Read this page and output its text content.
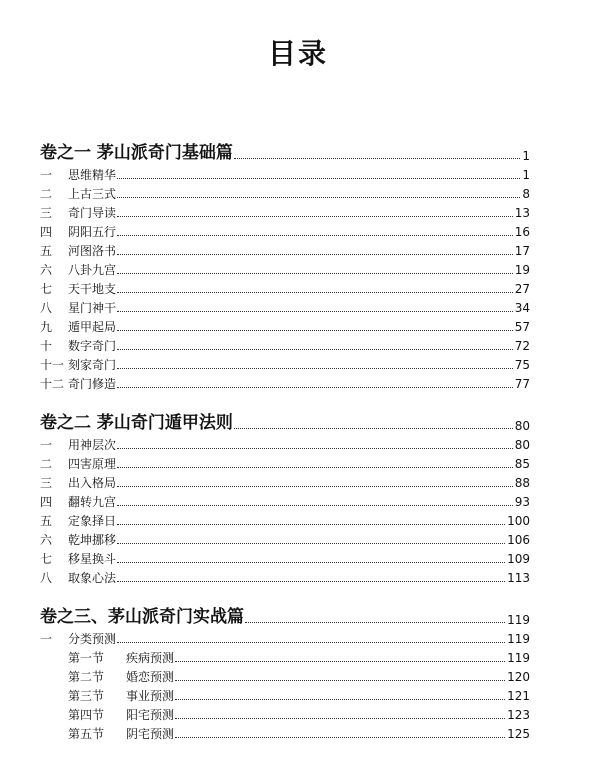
目录
卷之一 茅山派奇门基础篇	1
一	思维精华	1
二	上古三式	8
三	奇门导读	13
四	阴阳五行	16
五	河图洛书	17
六	八卦九宫	19
七	天干地支	27
八	星门神干	34
九	遁甲起局	57
十	数字奇门	72
十一 刻家奇门	75
十二 奇门修造	77
卷之二 茅山奇门遁甲法则	80
一	用神层次	80
二	四害原理	85
三	出入格局	88
四	翻转九宫	93
五	定象择日	100
六	乾坤挪移	106
七	移星换斗	109
八	取象心法	113
卷之三、茅山派奇门实战篇	119
一	分类预测	119
第一节 疾病预测	119
第二节 婚恋预测	120
第三节 事业预测	121
第四节 阳宅预测	123
第五节 阴宅预测	125
